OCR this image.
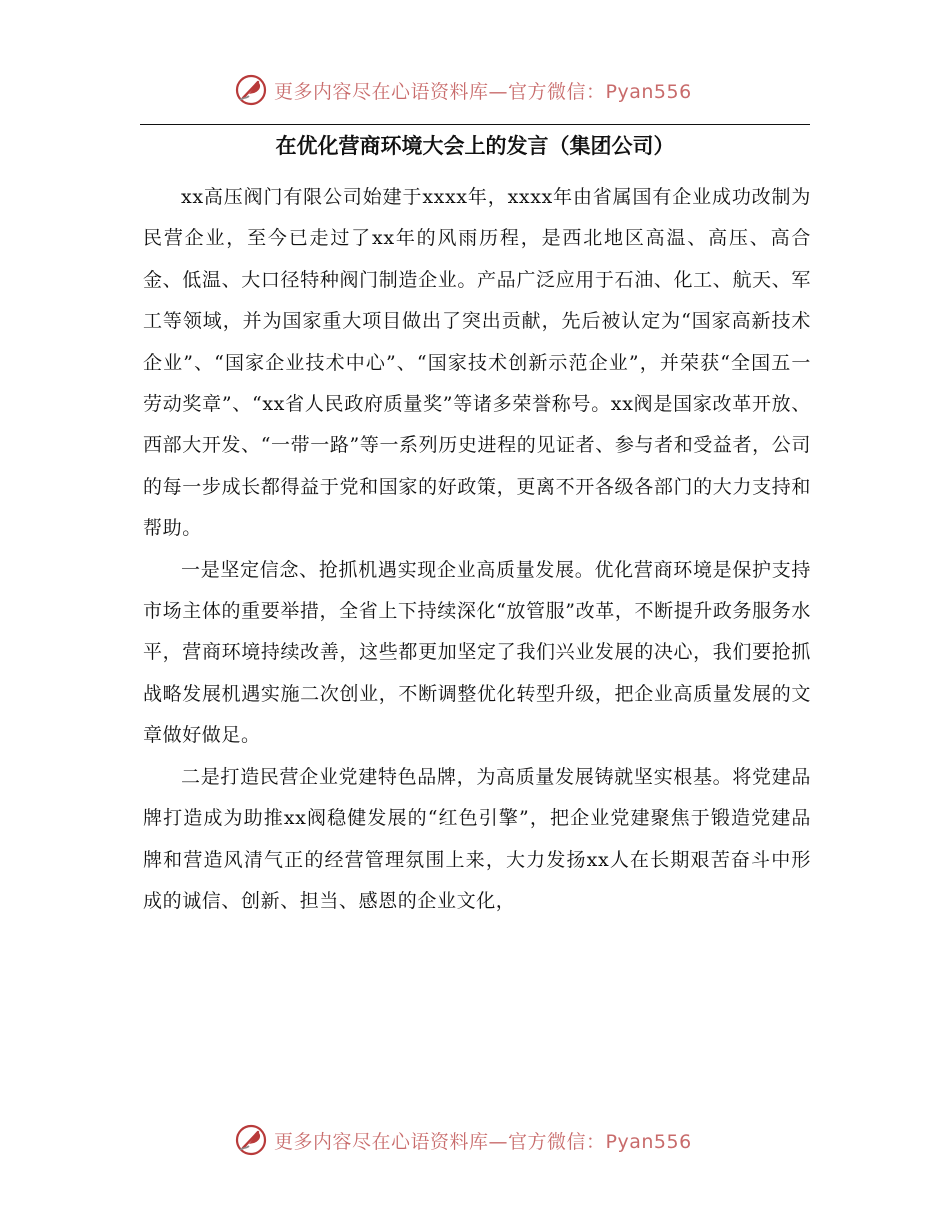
更多内容尽在心语资料库—官方微信：Pyan556
在优化营商环境大会上的发言（集团公司）

xx高压阀门有限公司始建于xxxx年，xxxx年由省属国有企业成功改制为民营企业，至今已走过了xx年的风雨历程，是西北地区高温、高压、高合金、低温、大口径特种阀门制造企业。产品广泛应用于石油、化工、航天、军工等领域，并为国家重大项目做出了突出贡献，先后被认定为“国家高新技术企业”、“国家企业技术中心”、“国家技术创新示范企业”，并荣获“全国五一劳动奖章”、“xx省人民政府质量奖”等诸多荣誉称号。xx阀是国家改革开放、西部大开发、“一带一路”等一系列历史进程的见证者、参与者和受益者，公司的每一步成长都得益于党和国家的好政策，更离不开各级各部门的大力支持和帮助。

一是坚定信念、抢抓机遇实现企业高质量发展。优化营商环境是保护支持市场主体的重要举措，全省上下持续深化“放管服”改革，不断提升政务服务水平，营商环境持续改善，这些都更加坚定了我们兴业发展的决心，我们要抢抓战略发展机遇实施二次创业，不断调整优化转型升级，把企业高质量发展的文章做好做足。

二是打造民营企业党建特色品牌，为高质量发展铸就坚实根基。将党建品牌打造成为助推xx阀稳健发展的“红色引擎”，把企业党建聚焦于锻造党建品牌和营造风清气正的经营管理氛围上来，大力发扬xx人在长期艰苦奋斗中形成的诚信、创新、担当、感恩的企业文化，

更多内容尽在心语资料库—官方微信：Pyan556
